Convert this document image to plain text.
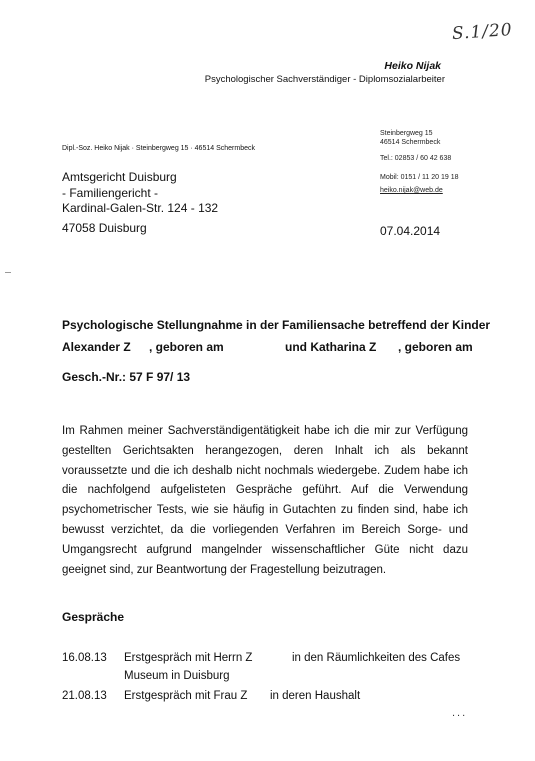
S.1/20
Heiko Nijak
Psychologischer Sachverständiger - Diplomsozialarbeiter
Dipl.-Soz. Heiko Nijak · Steinbergweg 15 · 46514 Schermbeck
Steinbergweg 15
46514 Schermbeck
Tel.: 02853 / 60 42 638
Mobil: 0151 / 11 20 19 18
heiko.nijak@web.de
Amtsgericht Duisburg
- Familiengericht -
Kardinal-Galen-Str. 124 - 132
47058 Duisburg	07.04.2014
Psychologische Stellungnahme in der Familiensache betreffend der Kinder
Alexander Z , geboren am	und Katharina Z , geboren am
Gesch.-Nr.: 57 F 97/ 13

Im Rahmen meiner Sachverständigentätigkeit habe ich die mir zur Verfügung gestellten Gerichtsakten herangezogen, deren Inhalt ich als bekannt voraussetzte und die ich deshalb nicht nochmals wiedergebe. Zudem habe ich die nachfolgend aufgelisteten Gespräche geführt. Auf die Verwendung psychometrischer Tests, wie sie häufig in Gutachten zu finden sind, habe ich bewusst verzichtet, da die vorliegenden Verfahren im Bereich Sorge- und Umgangsrecht aufgrund mangelnder wissenschaftlicher Güte nicht dazu geeignet sind, zur Beantwortung der Fragestellung beizutragen.

Gespräche
16.08.13 Erstgespräch mit Herrn Z	in den Räumlichkeiten des Cafes
Museum in Duisburg
21.08.13 Erstgespräch mit Frau Z in deren Haushalt
...
